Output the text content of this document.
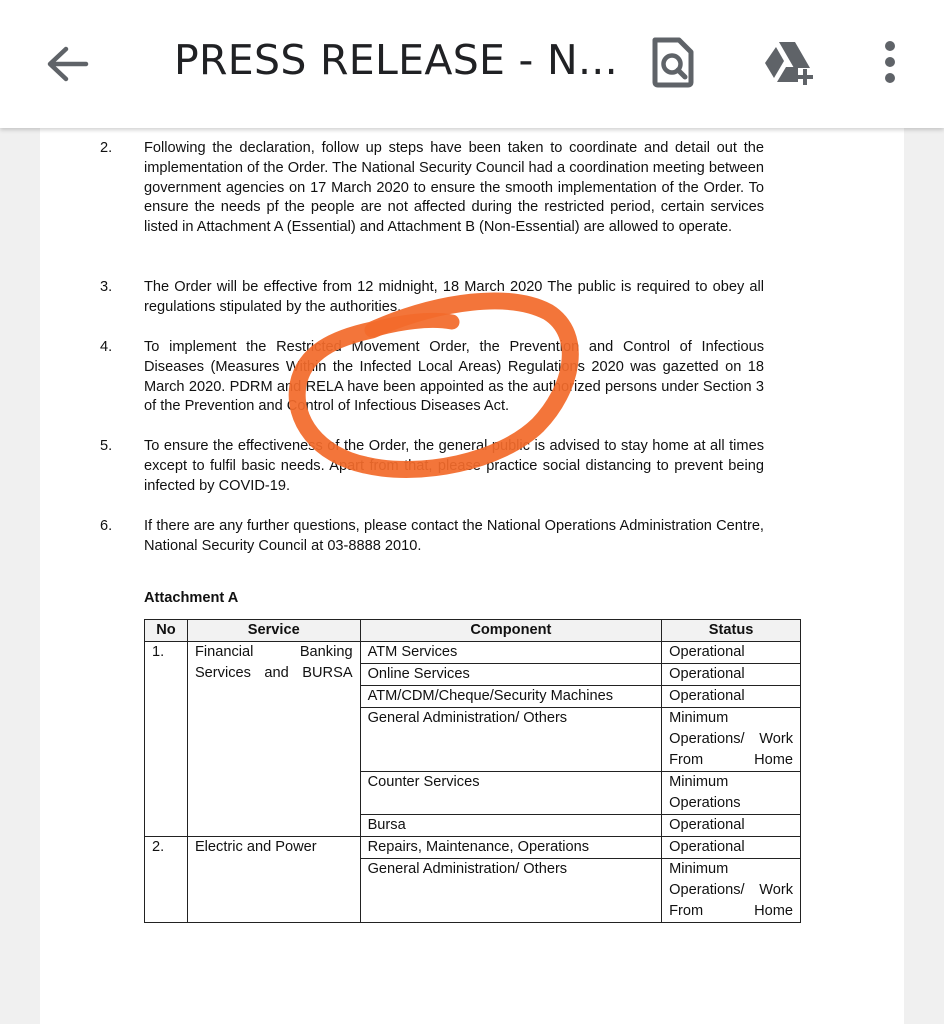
PRESS RELEASE - N...
2. Following the declaration, follow up steps have been taken to coordinate and detail out the implementation of the Order. The National Security Council had a coordination meeting between government agencies on 17 March 2020 to ensure the smooth implementation of the Order. To ensure the needs pf the people are not affected during the restricted period, certain services listed in Attachment A (Essential) and Attachment B (Non-Essential) are allowed to operate.
3. The Order will be effective from 12 midnight, 18 March 2020 The public is required to obey all regulations stipulated by the authorities.
4. To implement the Restricted Movement Order, the Prevention and Control of Infectious Diseases (Measures Within the Infected Local Areas) Regulations 2020 was gazetted on 18 March 2020. PDRM and RELA have been appointed as the authorized persons under Section 3 of the Prevention and Control of Infectious Diseases Act.
5. To ensure the effectiveness of the Order, the general public is advised to stay home at all times except to fulfil basic needs. Apart from that, please practice social distancing to prevent being infected by COVID-19.
6. If there are any further questions, please contact the National Operations Administration Centre, National Security Council at 03-8888 2010.
Attachment A
No	Service	Component	Status
1.	Financial Banking Services and BURSA	ATM Services	Operational
		Online Services	Operational
		ATM/CDM/Cheque/Security Machines	Operational
		General Administration/ Others	Minimum Operations/ Work From Home
		Counter Services	Minimum Operations
		Bursa	Operational
2.	Electric and Power	Repairs, Maintenance, Operations	Operational
		General Administration/ Others	Minimum Operations/ Work From Home
